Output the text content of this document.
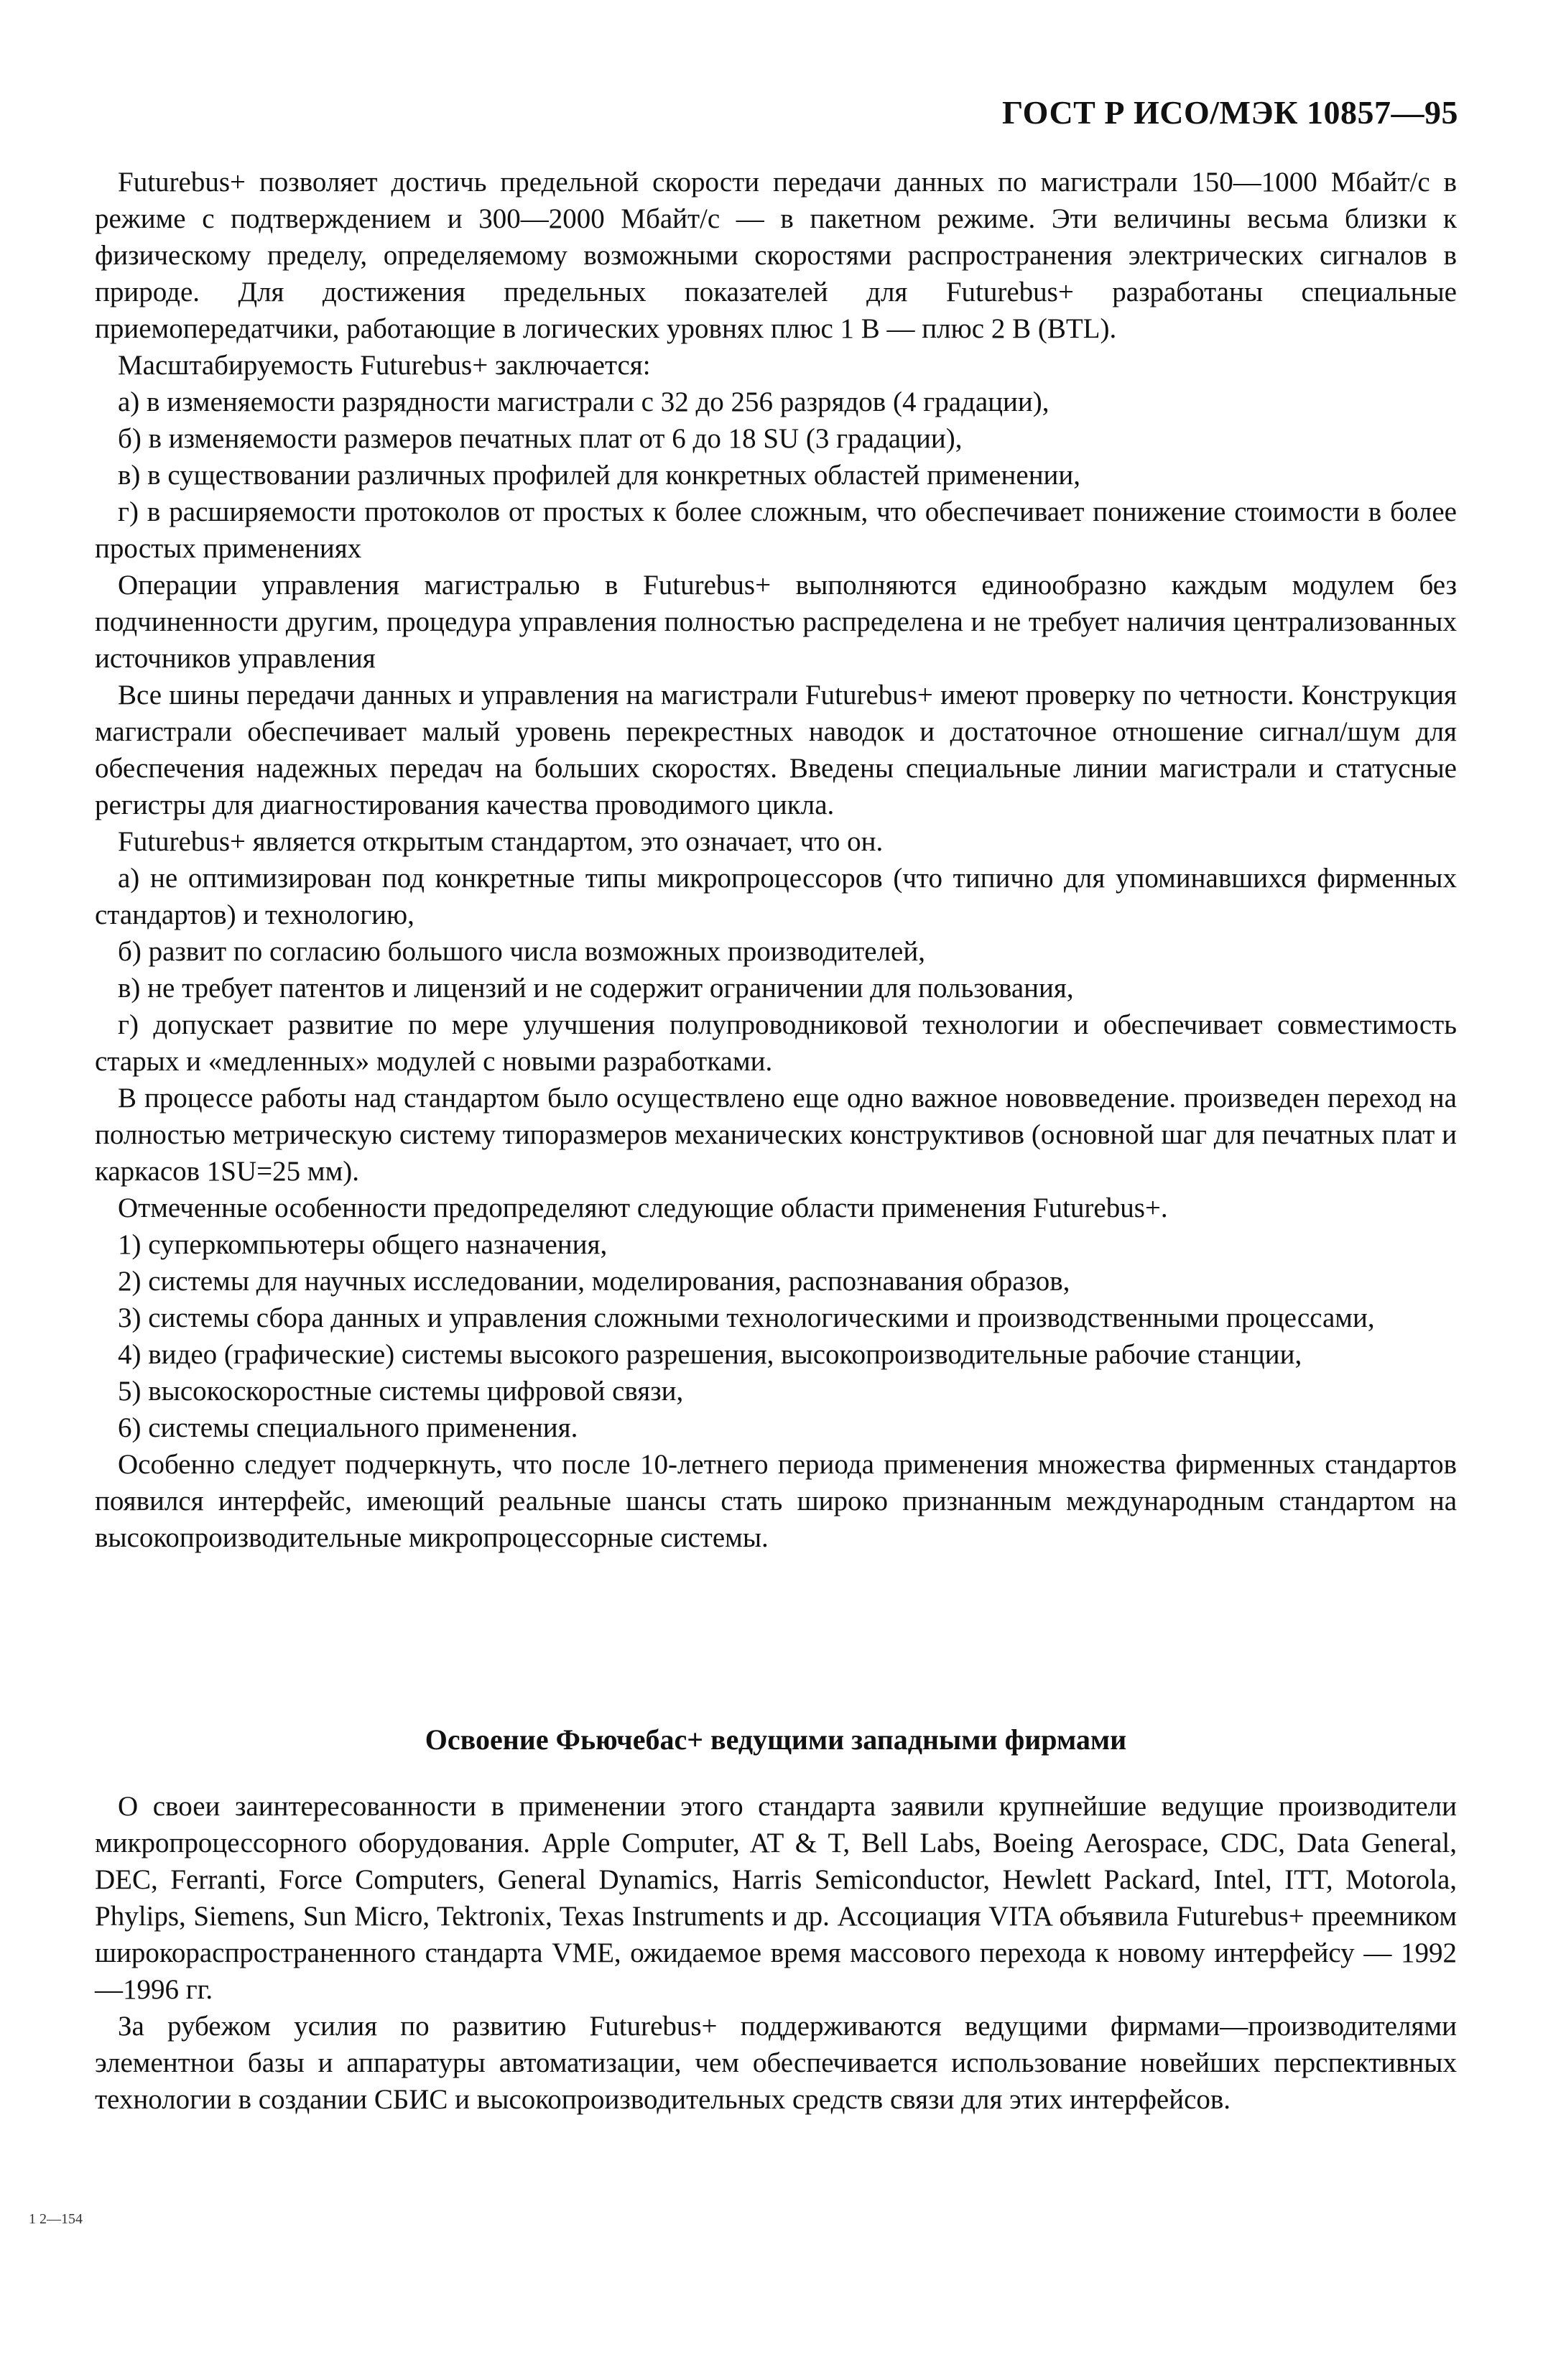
ГОСТ Р ИСО/МЭК 10857—95

Futurebus+ позволяет достичь предельной скорости передачи данных по магистрали 150—1000 Мбайт/с в режиме с подтверждением и 300—2000 Мбайт/с — в пакетном режиме. Эти величины весьма близки к физическому пределу, определяемому возможными скоростями распространения электрических сигналов в природе. Для достижения предельных показателей для Futurebus+ разработаны специальные приемопередатчики, работающие в логических уровнях плюс 1 В — плюс 2 В (BTL).

Масштабируемость Futurebus+ заключается:

а) в изменяемости разрядности магистрали с 32 до 256 разрядов (4 градации),

б) в изменяемости размеров печатных плат от 6 до 18 SU (3 градации),

в) в существовании различных профилей для конкретных областей применении,

г) в расширяемости протоколов от простых к более сложным, что обеспечивает понижение стоимости в более простых применениях

Операции управления магистралью в Futurebus+ выполняются единообразно каждым модулем без подчиненности другим, процедура управления полностью распределена и не требует наличия централизованных источников управления

Все шины передачи данных и управления на магистрали Futurebus+ имеют проверку по четности. Конструкция магистрали обеспечивает малый уровень перекрестных наводок и достаточное отношение сигнал/шум для обеспечения надежных передач на больших скоростях. Введены специальные линии магистрали и статусные регистры для диагностирования качества проводимого цикла.

Futurebus+ является открытым стандартом, это означает, что он.

а) не оптимизирован под конкретные типы микропроцессоров (что типично для упоминавшихся фирменных стандартов) и технологию,

б) развит по согласию большого числа возможных производителей,

в) не требует патентов и лицензий и не содержит ограничении для пользования,

г) допускает развитие по мере улучшения полупроводниковой технологии и обеспечивает совместимость старых и «медленных» модулей с новыми разработками.

В процессе работы над стандартом было осуществлено еще одно важное нововведение. произведен переход на полностью метрическую систему типоразмеров механических конструктивов (основной шаг для печатных плат и каркасов 1SU=25 мм).

Отмеченные особенности предопределяют следующие области применения Futurebus+.

1) суперкомпьютеры общего назначения,

2) системы для научных исследовании, моделирования, распознавания образов,

3) системы сбора данных и управления сложными технологическими и производственными процессами,

4) видео (графические) системы высокого разрешения, высокопроизводительные рабочие станции,

5) высокоскоростные системы цифровой связи,

6) системы специального применения.

Особенно следует подчеркнуть, что после 10-летнего периода применения множества фирменных стандартов появился интерфейс, имеющий реальные шансы стать широко признанным международным стандартом на высокопроизводительные микропроцессорные системы.

Освоение Фьючебас+ ведущими западными фирмами

О своеи заинтересованности в применении этого стандарта заявили крупнейшие ведущие производители микропроцессорного оборудования. Apple Computer, AT & T, Bell Labs, Boeing Aerospace, CDC, Data General, DEC, Ferranti, Force Computers, General Dynamics, Harris Semiconductor, Hewlett Packard, Intel, ITT, Motorola, Phylips, Siemens, Sun Micro, Tektronix, Texas Instruments и др. Ассоциация VITA объявила Futurebus+ преемником широкораспространенного стандарта VME, ожидаемое время массового перехода к новому интерфейсу — 1992—1996 гг.

За рубежом усилия по развитию Futurebus+ поддерживаются ведущими фирмами—производителями элементнои базы и аппаратуры автоматизации, чем обеспечивается использование новейших перспективных технологии в создании СБИС и высокопроизводительных средств связи для этих интерфейсов.

1 2—154
